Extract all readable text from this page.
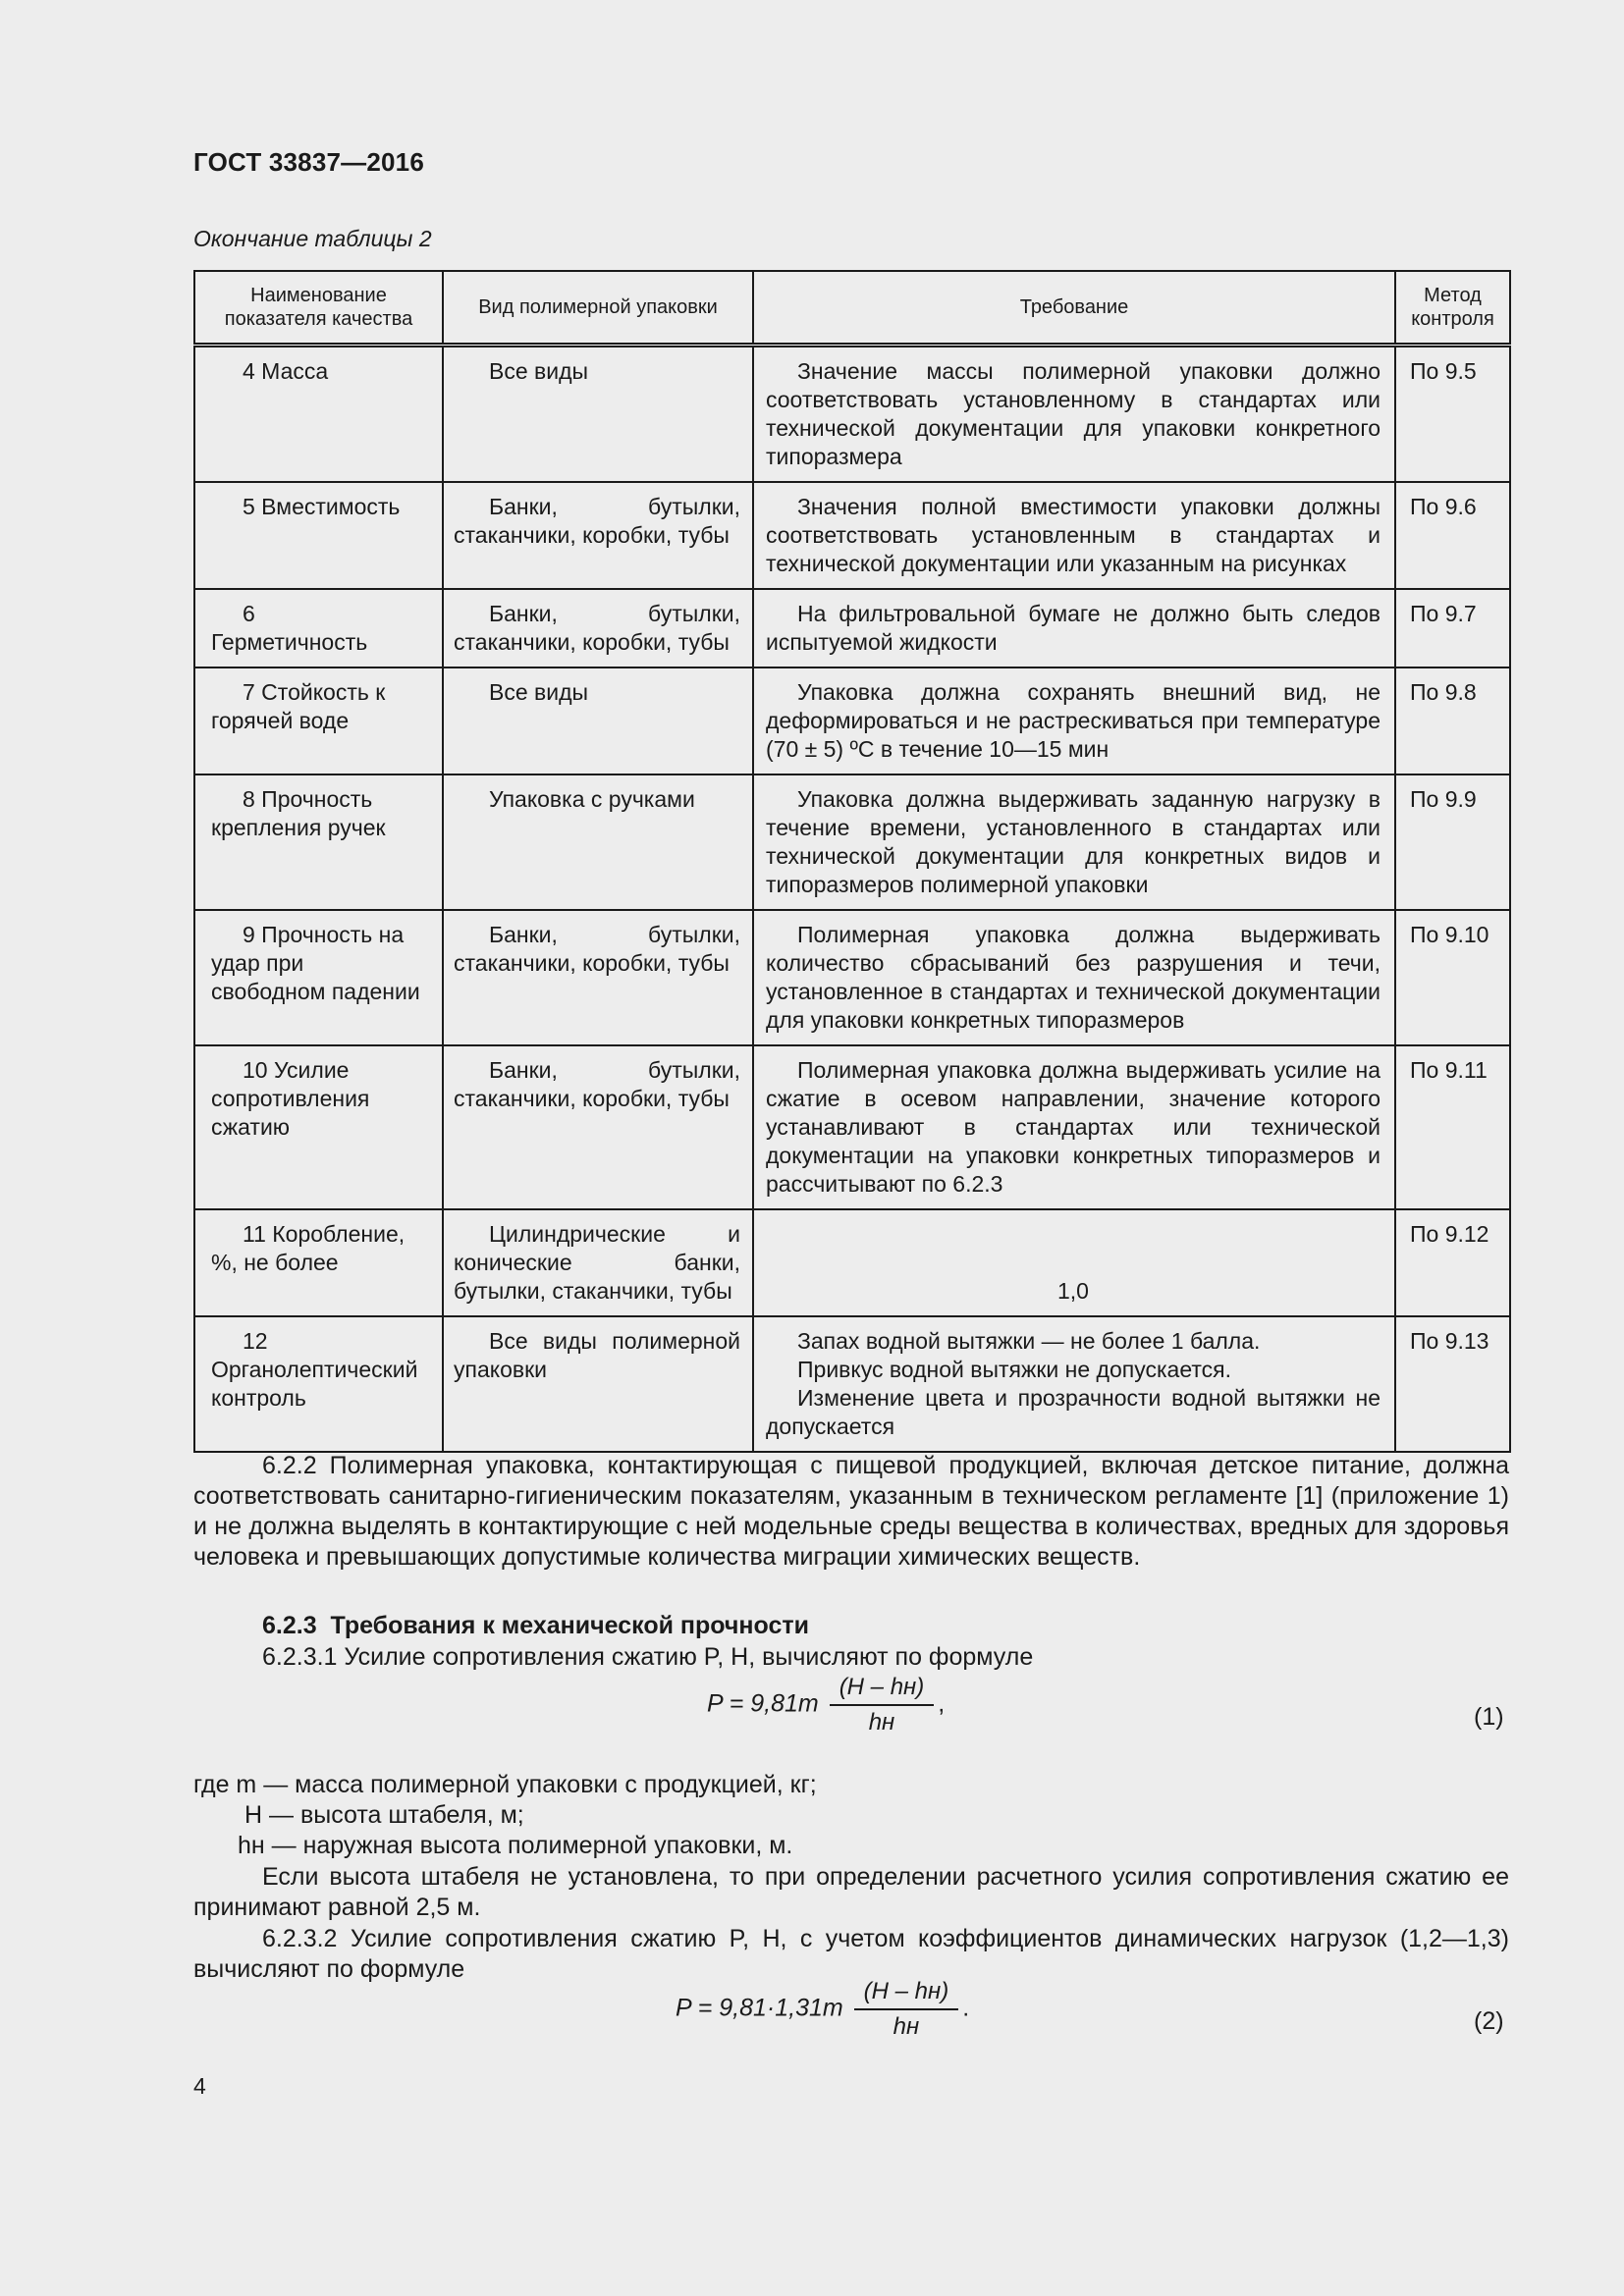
ГОСТ 33837—2016
Окончание таблицы 2
Наименование показателя качества	Вид полимерной упаковки	Требование	Метод контроля

4 Масса	Все виды	Значение массы полимерной упаковки должно соответствовать установленному в стандартах или технической документации для упаковки конкретного типоразмера	По 9.5

5 Вместимость	Банки, бутылки, стаканчики, коробки, тубы	Значения полной вместимости упаковки должны соответствовать установленным в стандартах и технической документации или указанным на рисунках	По 9.6

6 Герметичность	Банки, бутылки, стаканчики, коробки, тубы	На фильтровальной бумаге не должно быть следов испытуемой жидкости	По 9.7

7 Стойкость к горячей воде	Все виды	Упаковка должна сохранять внешний вид, не деформироваться и не растрескиваться при температуре (70 ± 5) ºС в течение 10—15 мин	По 9.8

8 Прочность крепления ручек	Упаковка с ручками	Упаковка должна выдерживать заданную нагрузку в течение времени, установленного в стандартах или технической документации для конкретных видов и типоразмеров полимерной упаковки	По 9.9

9 Прочность на удар при свободном падении	Банки, бутылки, стаканчики, коробки, тубы	Полимерная упаковка должна выдерживать количество сбрасываний без разрушения и течи, установленное в стандартах и технической документации для упаковки конкретных типоразмеров	По 9.10

10 Усилие сопротивления сжатию	Банки, бутылки, стаканчики, коробки, тубы	Полимерная упаковка должна выдерживать усилие на сжатие в осевом направлении, значение которого устанавливают в стандартах или технической документации на упаковки конкретных типоразмеров и рассчитывают по 6.2.3	По 9.11

11 Коробление, %, не более	Цилиндрические и конические банки, бутылки, стаканчики, тубы	1,0	По 9.12

12 Органолептический контроль	Все виды полимерной упаковки	Запах водной вытяжки — не более 1 балла.

Привкус водной вытяжки не допускается.

Изменение цвета и прозрачности водной вытяжки не допускается	По 9.13

6.2.2 Полимерная упаковка, контактирующая с пищевой продукцией, включая детское питание, должна соответствовать санитарно-гигиеническим показателям, указанным в техническом регламенте [1] (приложение 1) и не должна выделять в контактирующие с ней модельные среды вещества в количествах, вредных для здоровья человека и превышающих допустимые количества миграции химических веществ.

6.2.3 Требования к механической прочности

6.2.3.1 Усилие сопротивления сжатию P, H, вычисляют по формуле

$P = 9,81m \frac{(H - hн)}{hн}$ ,	(1)

где m — масса полимерной упаковки с продукцией, кг;

H — высота штабеля, м;

hн — наружная высота полимерной упаковки, м.

Если высота штабеля не установлена, то при определении расчетного усилия сопротивления сжатию ее принимают равной 2,5 м.

6.2.3.2 Усилие сопротивления сжатию P, H, с учетом коэффициентов динамических нагрузок (1,2—1,3) вычисляют по формуле

$P = 9,81\cdot 1,31m \frac{(H - hн)}{hн}$ .	(2)
4
